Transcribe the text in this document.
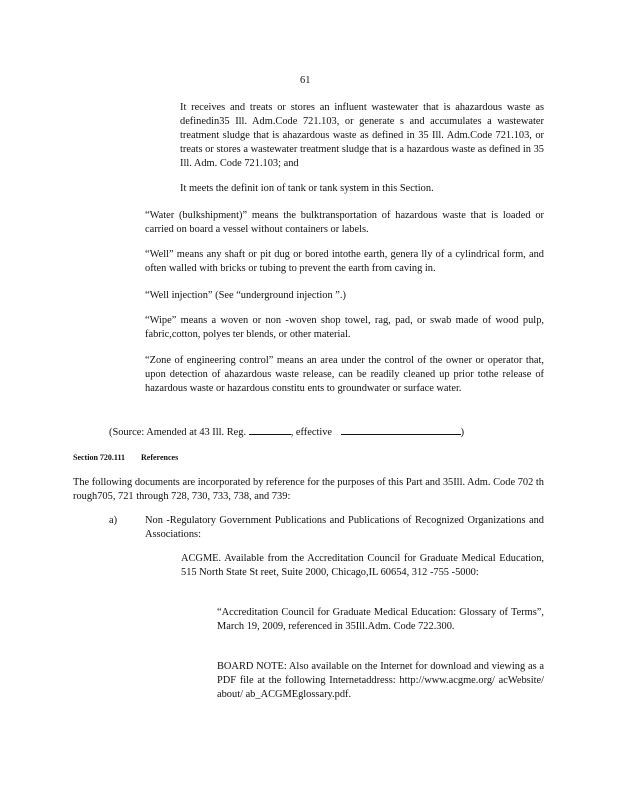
61
It receives and treats or stores an influent wastewater that is ahazardous waste as definedin35 Ill. Adm.Code 721.103, or generate s and accumulates a wastewater treatment sludge that is ahazardous waste as defined in 35 Ill. Adm.Code 721.103, or treats or stores a wastewater treatment sludge that is a hazardous waste as defined in 35 Ill. Adm. Code 721.103; and
It meets the definit ion of tank or tank system in this Section.
“Water (bulkshipment)” means the bulktransportation of hazardous waste that is loaded or carried on board a vessel without containers or labels.
“Well” means any shaft or pit dug or bored intothe earth, genera lly of a cylindrical form, and often walled with bricks or tubing to prevent the earth from caving in.
“Well injection” (See “underground injection ”.)
“Wipe” means a woven or non -woven shop towel, rag, pad, or swab made of wood pulp, fabric,cotton, polyes ter blends, or other material.
“Zone of engineering control” means an area under the control of the owner or operator that, upon detection of ahazardous waste release, can be readily cleaned up prior tothe release of hazardous waste or hazardous constitu ents to groundwater or surface water.
(Source: Amended at 43 Ill. Reg.	, effective	)
Section 720.111 References
The following documents are incorporated by reference for the purposes of this Part and 35Ill. Adm. Code 702 th rough705, 721 through 728, 730, 733, 738, and 739:
a)	Non -Regulatory Government Publications and Publications of Recognized Organizations and Associations:
ACGME. Available from the Accreditation Council for Graduate Medical Education, 515 North State St reet, Suite 2000, Chicago,IL 60654, 312 -755 -5000:
“Accreditation Council for Graduate Medical Education: Glossary of Terms”, March 19, 2009, referenced in 35Ill.Adm. Code 722.300.
BOARD NOTE: Also available on the Internet for download and viewing as a PDF file at the following Internetaddress: http://www.acgme.org/ acWebsite/ about/ ab_ACGMEglossary.pdf.
